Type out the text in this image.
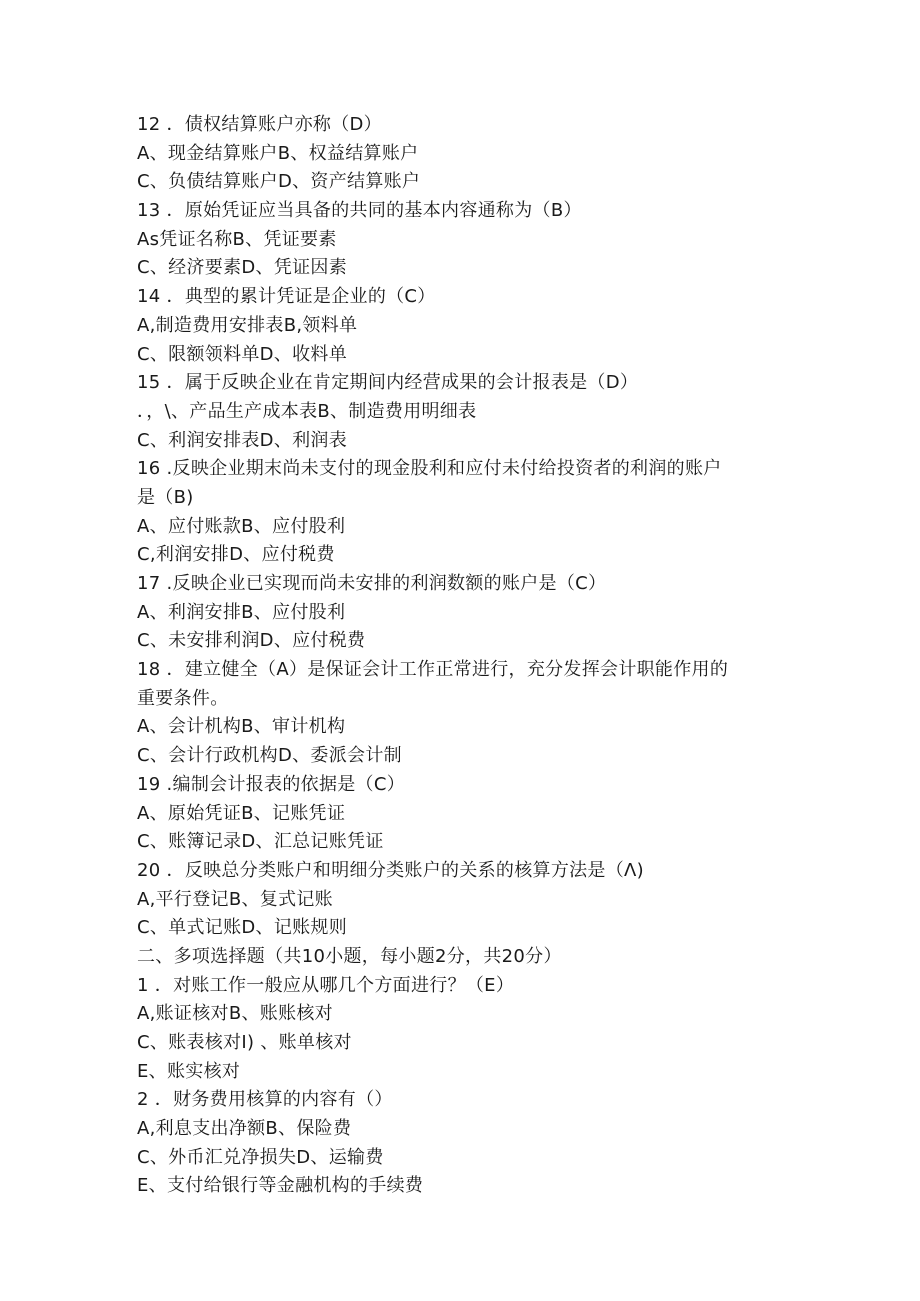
12 ．债权结算账户亦称（D）
A、现金结算账户B、权益结算账户
C、负债结算账户D、资产结算账户
13 ．原始凭证应当具备的共同的基本内容通称为（B）
As凭证名称B、凭证要素
C、经济要素D、凭证因素
14 ．典型的累计凭证是企业的（C）
A,制造费用安排表B,领料单
C、限额领料单D、收料单
15 ．属于反映企业在肯定期间内经营成果的会计报表是（D）
．，\、产品生产成本表B、制造费用明细表
C、利润安排表D、利润表
16 .反映企业期末尚未支付的现金股利和应付未付给投资者的利润的账户
是（B)
A、应付账款B、应付股利
C,利润安排D、应付税费
17 .反映企业已实现而尚未安排的利润数额的账户是（C）
A、利润安排B、应付股利
C、未安排利润D、应付税费
18 ．建立健全（A）是保证会计工作正常进行，充分发挥会计职能作用的
重要条件。
A、会计机构B、审计机构
C、会计行政机构D、委派会计制
19 .编制会计报表的依据是（C）
A、原始凭证B、记账凭证
C、账簿记录D、汇总记账凭证
20 ．反映总分类账户和明细分类账户的关系的核算方法是（Λ)
A,平行登记B、复式记账
C、单式记账D、记账规则
二、多项选择题（共10小题，每小题2分，共20分）
1 ．对账工作一般应从哪几个方面进行？（E）
A,账证核对B、账账核对
C、账表核对I) 、账单核对
E、账实核对
2 ．财务费用核算的内容有（）
A,利息支出净额B、保险费
C、外币汇兑净损失D、运输费
E、支付给银行等金融机构的手续费
